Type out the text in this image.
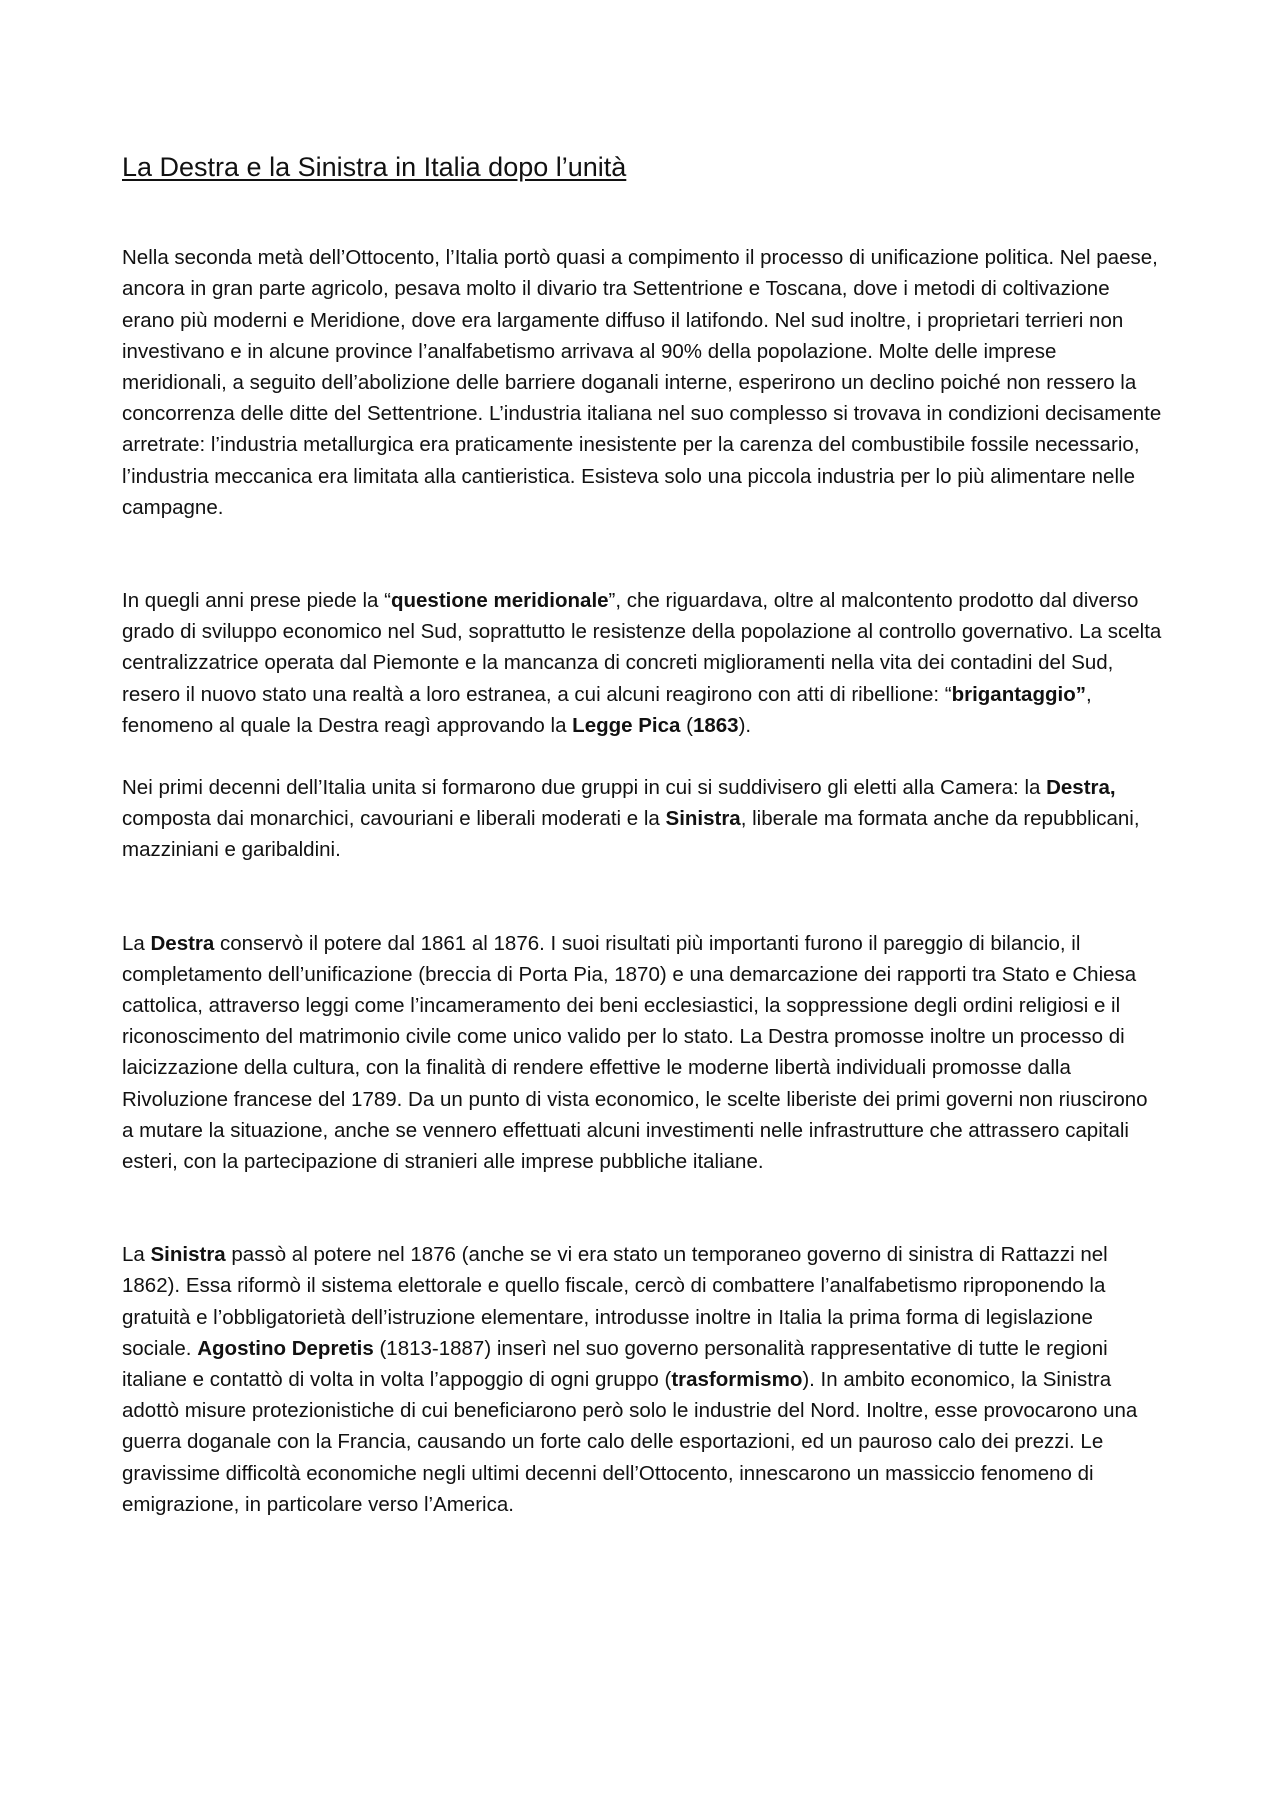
La Destra e la Sinistra in Italia dopo l’unità

Nella seconda metà dell’Ottocento, l’Italia portò quasi a compimento il processo di unificazione politica. Nel paese, ancora in gran parte agricolo, pesava molto il divario tra Settentrione e Toscana, dove i metodi di coltivazione erano più moderni e Meridione, dove era largamente diffuso il latifondo. Nel sud inoltre, i proprietari terrieri non investivano e in alcune province l’analfabetismo arrivava al 90% della popolazione. Molte delle imprese meridionali, a seguito dell’abolizione delle barriere doganali interne, esperirono un declino poiché non ressero la concorrenza delle ditte del Settentrione. L’industria italiana nel suo complesso si trovava in condizioni decisamente arretrate: l’industria metallurgica era praticamente inesistente per la carenza del combustibile fossile necessario, l’industria meccanica era limitata alla cantieristica. Esisteva solo una piccola industria per lo più alimentare nelle campagne.

In quegli anni prese piede la “questione meridionale”, che riguardava, oltre al malcontento prodotto dal diverso grado di sviluppo economico nel Sud, soprattutto le resistenze della popolazione al controllo governativo. La scelta centralizzatrice operata dal Piemonte e la mancanza di concreti miglioramenti nella vita dei contadini del Sud, resero il nuovo stato una realtà a loro estranea, a cui alcuni reagirono con atti di ribellione: “brigantaggio”, fenomeno al quale la Destra reagì approvando la Legge Pica (1863).

Nei primi decenni dell’Italia unita si formarono due gruppi in cui si suddivisero gli eletti alla Camera: la Destra, composta dai monarchici, cavouriani e liberali moderati e la Sinistra, liberale ma formata anche da repubblicani, mazziniani e garibaldini.

La Destra conservò il potere dal 1861 al 1876. I suoi risultati più importanti furono il pareggio di bilancio, il completamento dell’unificazione (breccia di Porta Pia, 1870) e una demarcazione dei rapporti tra Stato e Chiesa cattolica, attraverso leggi come l’incameramento dei beni ecclesiastici, la soppressione degli ordini religiosi e il riconoscimento del matrimonio civile come unico valido per lo stato. La Destra promosse inoltre un processo di laicizzazione della cultura, con la finalità di rendere effettive le moderne libertà individuali promosse dalla Rivoluzione francese del 1789. Da un punto di vista economico, le scelte liberiste dei primi governi non riuscirono a mutare la situazione, anche se vennero effettuati alcuni investimenti nelle infrastrutture che attrassero capitali esteri, con la partecipazione di stranieri alle imprese pubbliche italiane.

La Sinistra passò al potere nel 1876 (anche se vi era stato un temporaneo governo di sinistra di Rattazzi nel 1862). Essa riformò il sistema elettorale e quello fiscale, cercò di combattere l’analfabetismo riproponendo la gratuità e l’obbligatorietà dell’istruzione elementare, introdusse inoltre in Italia la prima forma di legislazione sociale. Agostino Depretis (1813-1887) inserì nel suo governo personalità rappresentative di tutte le regioni italiane e contattò di volta in volta l’appoggio di ogni gruppo (trasformismo). In ambito economico, la Sinistra adottò misure protezionistiche di cui beneficiarono però solo le industrie del Nord. Inoltre, esse provocarono una guerra doganale con la Francia, causando un forte calo delle esportazioni, ed un pauroso calo dei prezzi. Le gravissime difficoltà economiche negli ultimi decenni dell’Ottocento, innescarono un massiccio fenomeno di emigrazione, in particolare verso l’America.
